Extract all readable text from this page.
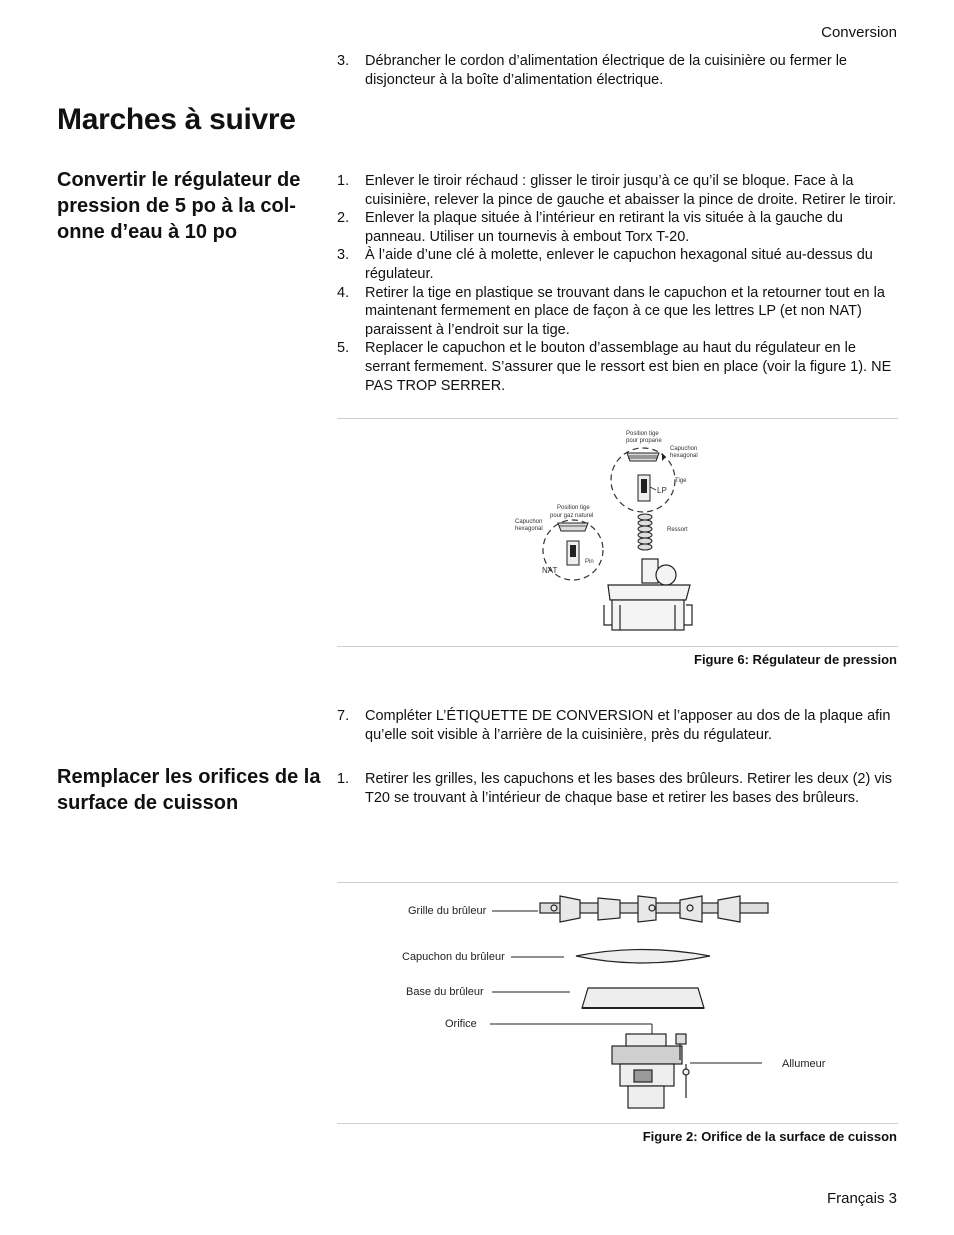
Conversion
3. Débrancher le cordon d’alimentation électrique de la cuisinière ou fermer le disjoncteur à la boîte d’alimentation électrique.
Marches à suivre
Convertir le régulateur de pression de 5 po à la col-onne d’eau à 10 po
1. Enlever le tiroir réchaud : glisser le tiroir jusqu’à ce qu’il se bloque. Face à la cuisinière, relever la pince de gauche et abaisser la pince de droite. Retirer le tiroir.
2. Enlever la plaque située à l’intérieur en retirant la vis située à la gauche du panneau. Utiliser un tournevis à embout Torx T-20.
3. À l’aide d’une clé à molette, enlever le capuchon hexagonal situé au-dessus du régulateur.
4. Retirer la tige en plastique se trouvant dans le capuchon et la retourner tout en la maintenant fermement en place de façon à ce que les lettres LP (et non NAT) paraissent à l’endroit sur la tige.
5. Replacer le capuchon et le bouton d’assemblage au haut du régulateur en le serrant fermement. S’assurer que le ressort est bien en place (voir la figure 1). NE PAS TROP SERRER.
Position tige
pour propane
Capuchon
hexagonal
Tige
LP
Position tige
pour gaz naturel
Capuchon
hexagonal	Ressort
Pin
NAT
Figure 6: Régulateur de pression
7. Compléter L’ÉTIQUETTE DE CONVERSION et l’apposer au dos de la plaque afin qu’elle soit visible à l’arrière de la cuisinière, près du régulateur.
Remplacer les orifices de la surface de cuisson
1. Retirer les grilles, les capuchons et les bases des brûleurs. Retirer les deux (2) vis T20 se trouvant à l’intérieur de chaque base et retirer les bases des brûleurs.
Grille du brûleur
Capuchon du brûleur
Base du brûleur
Orifice
Allumeur
Figure 2: Orifice de la surface de cuisson
Français 3
